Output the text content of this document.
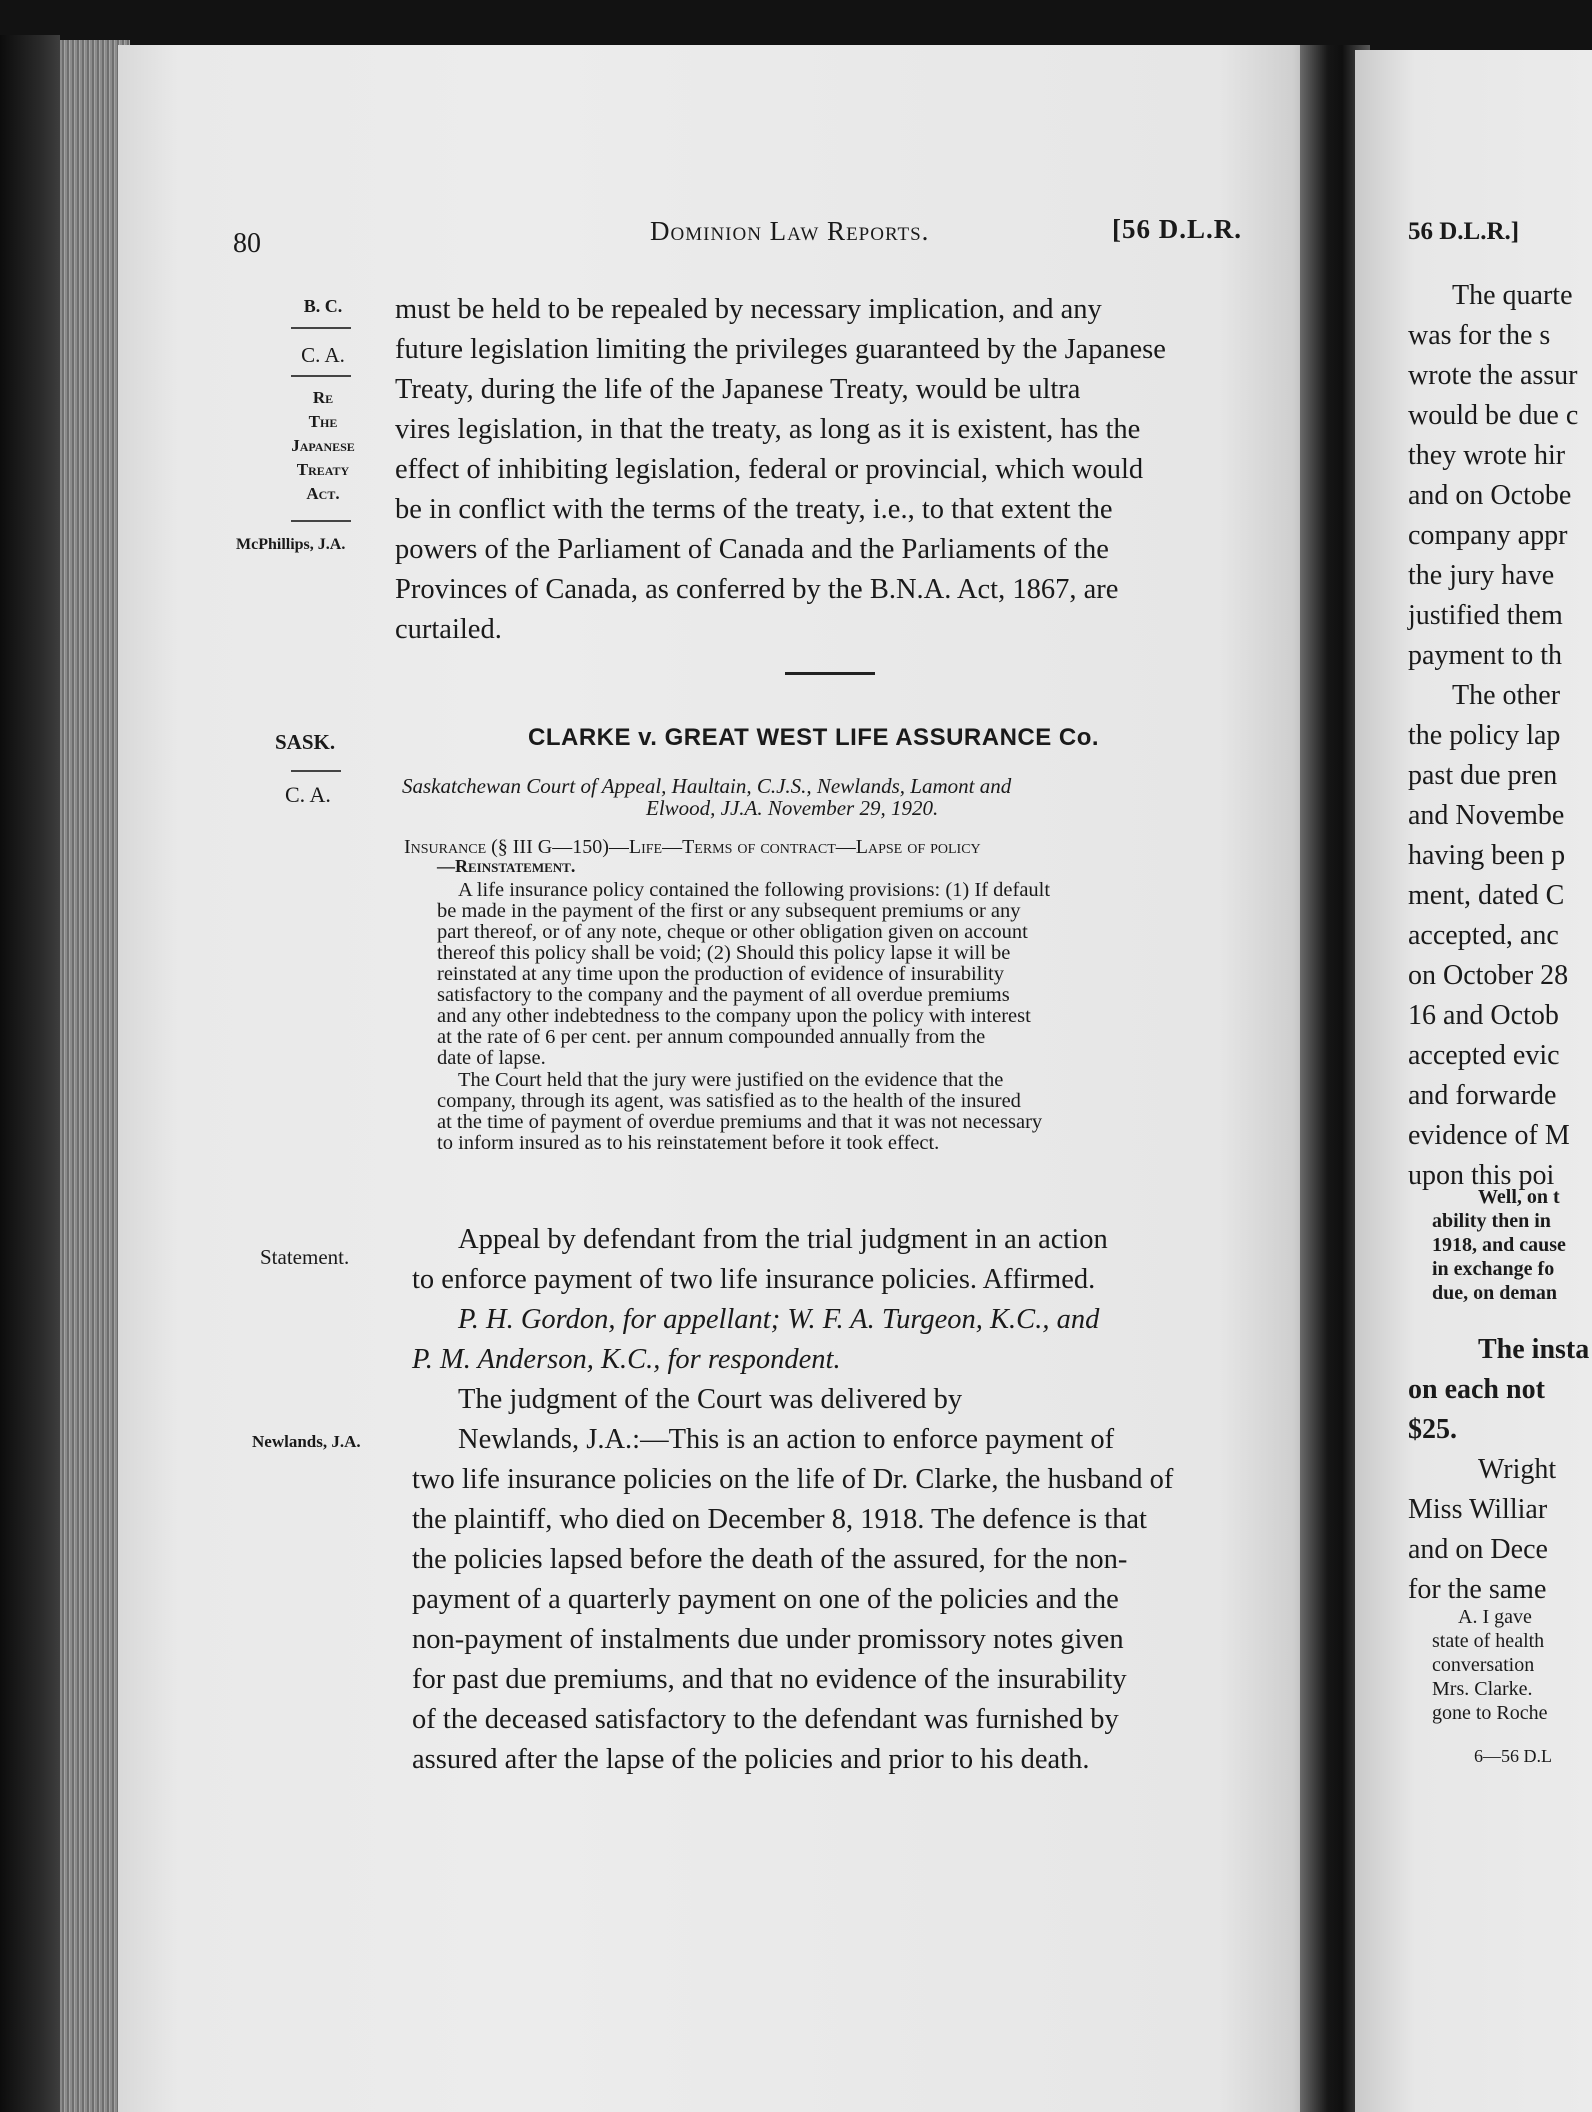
80	Dominion Law Reports.	[56 D.L.R.
B. C.
C. A.
Re
The
Japanese
Treaty
Act.
McPhillips, J.A.
must be held to be repealed by necessary implication, and any
future legislation limiting the privileges guaranteed by the Japanese
Treaty, during the life of the Japanese Treaty, would be ultra
vires legislation, in that the treaty, as long as it is existent, has the
effect of inhibiting legislation, federal or provincial, which would
be in conflict with the terms of the treaty, i.e., to that extent the
powers of the Parliament of Canada and the Parliaments of the
Provinces of Canada, as conferred by the B.N.A. Act, 1867, are
curtailed.
SASK.
C. A.
CLARKE v. GREAT WEST LIFE ASSURANCE Co.
Saskatchewan Court of Appeal, Haultain, C.J.S., Newlands, Lamont and
Elwood, JJ.A. November 29, 1920.
Insurance (§ III G—150)—Life—Terms of contract—Lapse of policy
—Reinstatement.
A life insurance policy contained the following provisions: (1) If default
be made in the payment of the first or any subsequent premiums or any
part thereof, or of any note, cheque or other obligation given on account
thereof this policy shall be void; (2) Should this policy lapse it will be
reinstated at any time upon the production of evidence of insurability
satisfactory to the company and the payment of all overdue premiums
and any other indebtedness to the company upon the policy with interest
at the rate of 6 per cent. per annum compounded annually from the
date of lapse.
The Court held that the jury were justified on the evidence that the
company, through its agent, was satisfied as to the health of the insured
at the time of payment of overdue premiums and that it was not necessary
to inform insured as to his reinstatement before it took effect.
Statement.
Appeal by defendant from the trial judgment in an action
to enforce payment of two life insurance policies. Affirmed.
P. H. Gordon, for appellant; W. F. A. Turgeon, K.C., and
P. M. Anderson, K.C., for respondent.
The judgment of the Court was delivered by
Newlands, J.A.	Newlands, J.A.:—This is an action to enforce payment of
two life insurance policies on the life of Dr. Clarke, the husband of
the plaintiff, who died on December 8, 1918. The defence is that
the policies lapsed before the death of the assured, for the non-
payment of a quarterly payment on one of the policies and the
non-payment of instalments due under promissory notes given
for past due premiums, and that no evidence of the insurability
of the deceased satisfactory to the defendant was furnished by
assured after the lapse of the policies and prior to his death.
56 D.L.R.]
The quarte
was for the s
wrote the assur
would be due c
they wrote hir
and on Octobe
company appr
the jury have
justified them
payment to th
The other
the policy lap
past due pren
and Novembe
having been p
ment, dated C
accepted, anc
on October 28
16 and Octob
accepted evic
and forwarde
evidence of M
upon this poi
Well, on t
ability then in
1918, and cause
in exchange fo
due, on deman
The insta
on each not
$25.
Wright
Miss Williar
and on Dece
for the same
A. I gave
state of health
conversation
Mrs. Clarke.
gone to Roche
6—56 D.L
